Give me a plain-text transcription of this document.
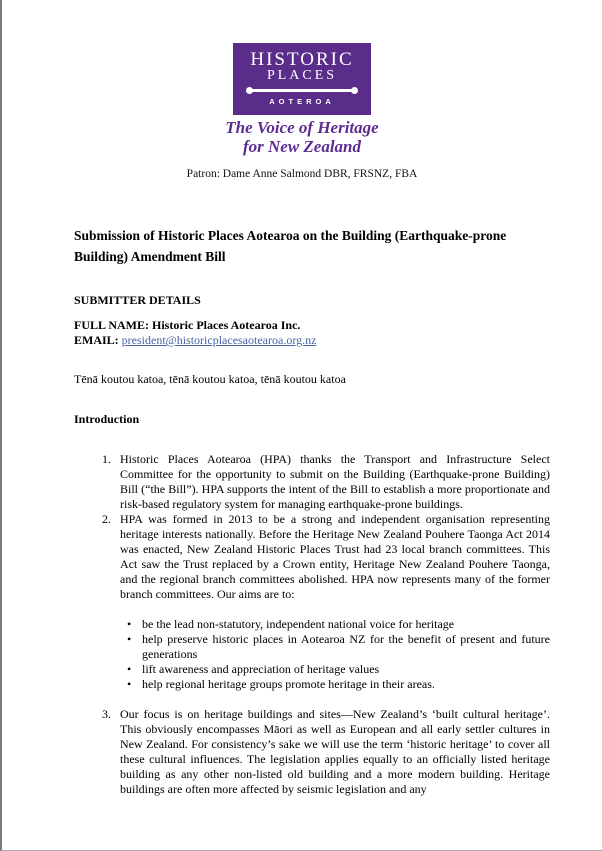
HISTORIC
PLACES
AOTEROA
The Voice of Heritage
for New Zealand
Patron: Dame Anne Salmond DBR, FRSNZ, FBA
Submission of Historic Places Aotearoa on the Building (Earthquake-prone Building) Amendment Bill
SUBMITTER DETAILS
FULL NAME: Historic Places Aotearoa Inc.
EMAIL: president@historicplacesaotearoa.org.nz
Tēnā koutou katoa, tēnā koutou katoa, tēnā koutou katoa
Introduction
1. Historic Places Aotearoa (HPA) thanks the Transport and Infrastructure Select Committee for the opportunity to submit on the Building (Earthquake-prone Building) Bill (“the Bill”). HPA supports the intent of the Bill to establish a more proportionate and risk-based regulatory system for managing earthquake-prone buildings.
2. HPA was formed in 2013 to be a strong and independent organisation representing heritage interests nationally. Before the Heritage New Zealand Pouhere Taonga Act 2014 was enacted, New Zealand Historic Places Trust had 23 local branch committees. This Act saw the Trust replaced by a Crown entity, Heritage New Zealand Pouhere Taonga, and the regional branch committees abolished. HPA now represents many of the former branch committees. Our aims are to:
• be the lead non-statutory, independent national voice for heritage
• help preserve historic places in Aotearoa NZ for the benefit of present and future generations
• lift awareness and appreciation of heritage values
• help regional heritage groups promote heritage in their areas.
3. Our focus is on heritage buildings and sites—New Zealand’s ‘built cultural heritage’. This obviously encompasses Māori as well as European and all early settler cultures in New Zealand. For consistency’s sake we will use the term ‘historic heritage’ to cover all these cultural influences. The legislation applies equally to an officially listed heritage building as any other non-listed old building and a more modern building. Heritage buildings are often more affected by seismic legislation and any
